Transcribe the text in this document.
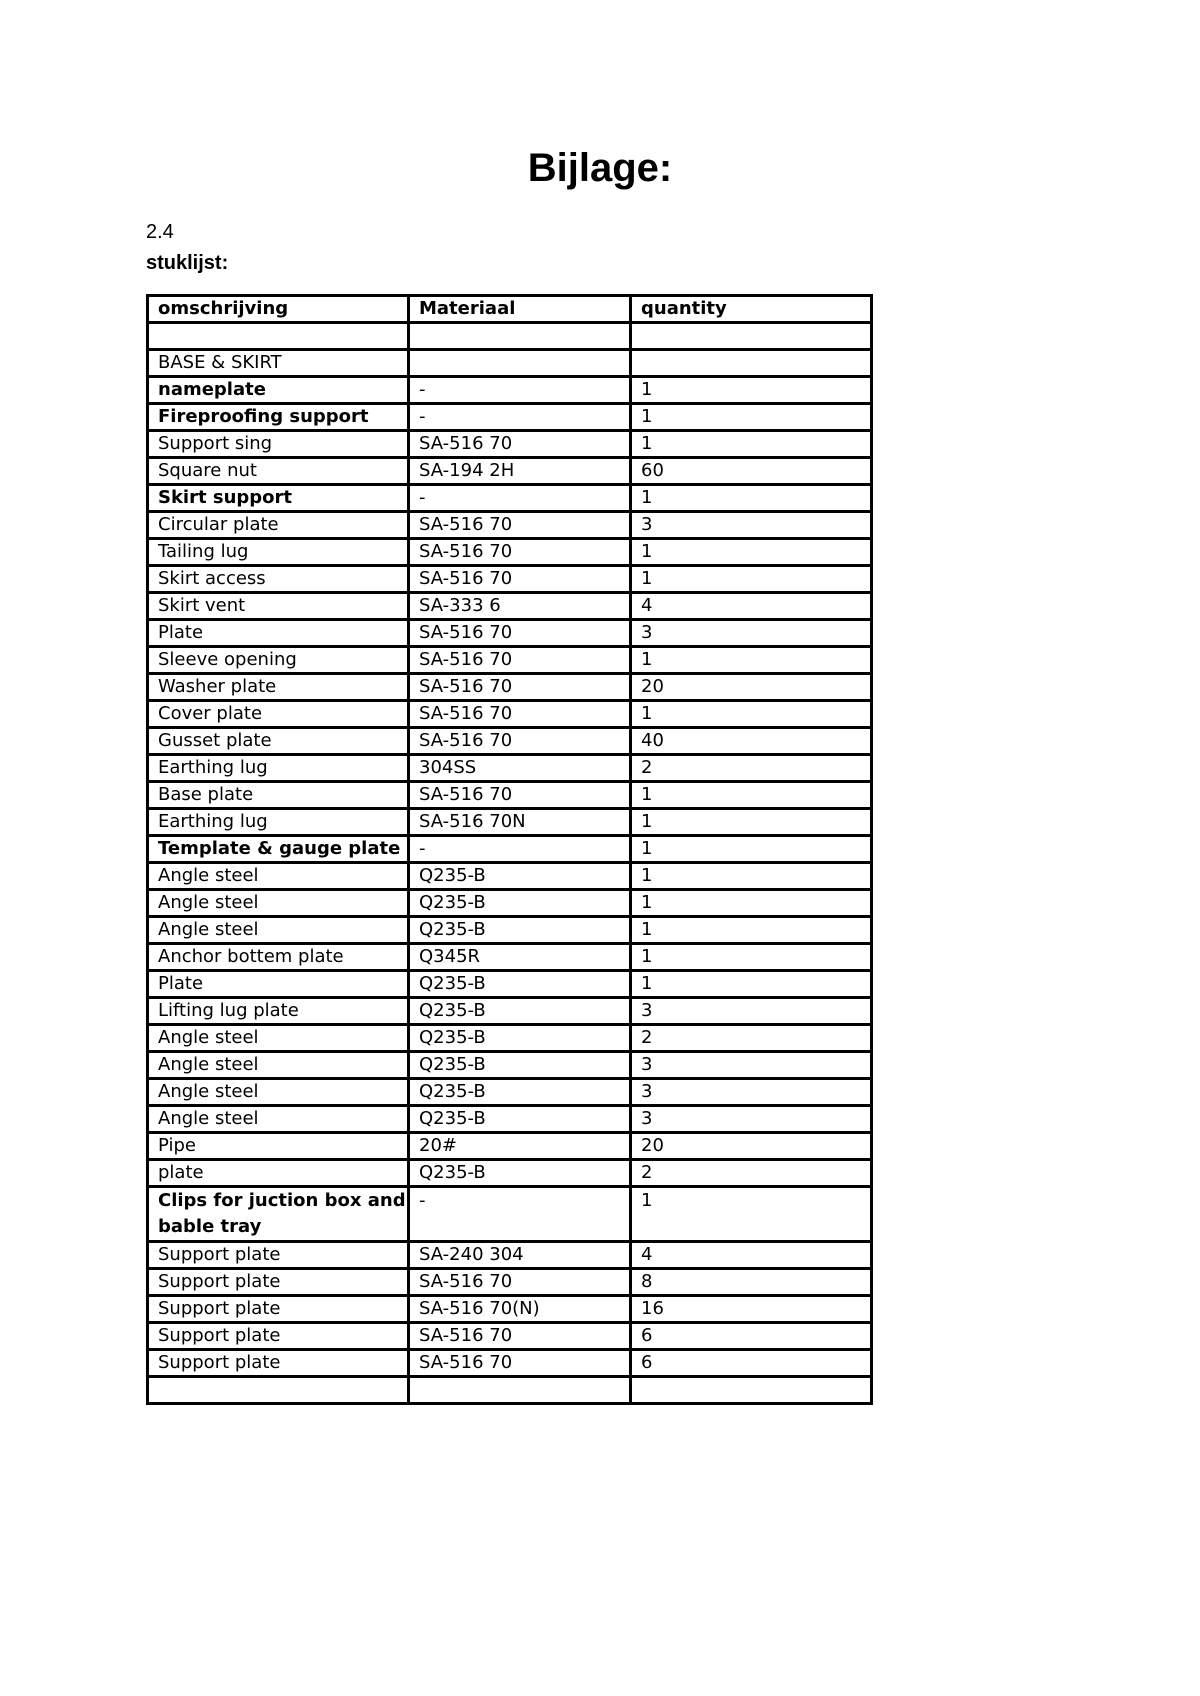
Bijlage:
2.4
stuklijst:
omschrijving	Materiaal	quantity

BASE & SKIRT		
nameplate	-	1
Fireproofing support	-	1
Support sing	SA-516 70	1
Square nut	SA-194 2H	60
Skirt support	-	1
Circular plate	SA-516 70	3
Tailing lug	SA-516 70	1
Skirt access	SA-516 70	1
Skirt vent	SA-333 6	4
Plate	SA-516 70	3
Sleeve opening	SA-516 70	1
Washer plate	SA-516 70	20
Cover plate	SA-516 70	1
Gusset plate	SA-516 70	40
Earthing lug	304SS	2
Base plate	SA-516 70	1
Earthing lug	SA-516 70N	1
Template & gauge plate	-	1
Angle steel	Q235-B	1
Angle steel	Q235-B	1
Angle steel	Q235-B	1
Anchor bottem plate	Q345R	1
Plate	Q235-B	1
Lifting lug plate	Q235-B	3
Angle steel	Q235-B	2
Angle steel	Q235-B	3
Angle steel	Q235-B	3
Angle steel	Q235-B	3
Pipe	20#	20
plate	Q235-B	2
Clips for juction box and bable tray	-	1
Support plate	SA-240 304	4
Support plate	SA-516 70	8
Support plate	SA-516 70(N)	16
Support plate	SA-516 70	6
Support plate	SA-516 70	6
